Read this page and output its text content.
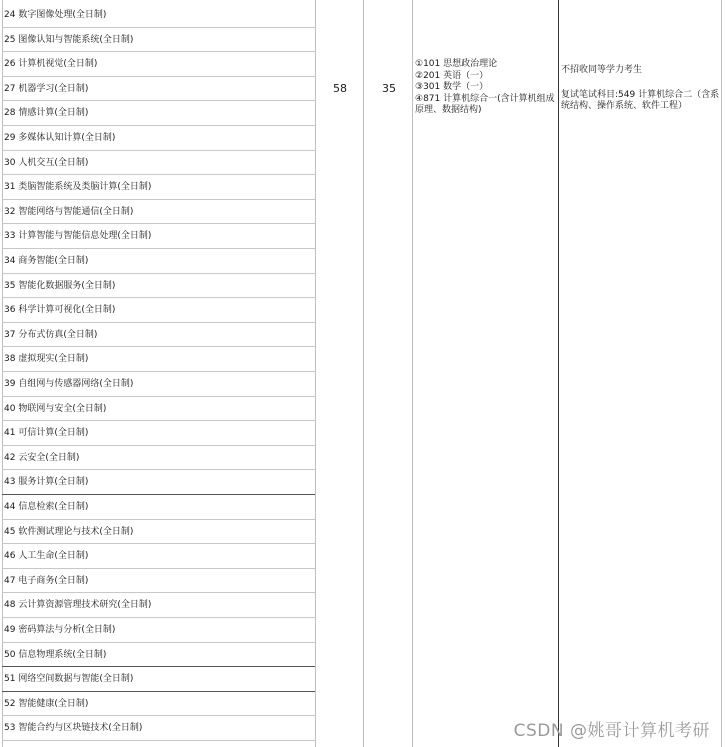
24 数字图像处理(全日制)
25 图像认知与智能系统(全日制)
26 计算机视觉(全日制)
27 机器学习(全日制)
28 情感计算(全日制)
29 多媒体认知计算(全日制)
30 人机交互(全日制)
31 类脑智能系统及类脑计算(全日制)
32 智能网络与智能通信(全日制)
33 计算智能与智能信息处理(全日制)
34 商务智能(全日制)
35 智能化数据服务(全日制)
36 科学计算可视化(全日制)
37 分布式仿真(全日制)
38 虚拟现实(全日制)
39 自组网与传感器网络(全日制)
40 物联网与安全(全日制)
41 可信计算(全日制)
42 云安全(全日制)
43 服务计算(全日制)
44 信息检索(全日制)
45 软件测试理论与技术(全日制)
46 人工生命(全日制)
47 电子商务(全日制)
48 云计算资源管理技术研究(全日制)
49 密码算法与分析(全日制)
50 信息物理系统(全日制)
51 网络空间数据与智能(全日制)
52 智能健康(全日制)
53 智能合约与区块链技术(全日制)
58	35
①101 思想政治理论
②201 英语（一）
③301 数学（一）
④871 计算机综合一(含计算机组成原理、数据结构)
不招收同等学力考生
复试笔试科目:549 计算机综合二（含系统结构、操作系统、软件工程）
CSDN @姚哥计算机考研
